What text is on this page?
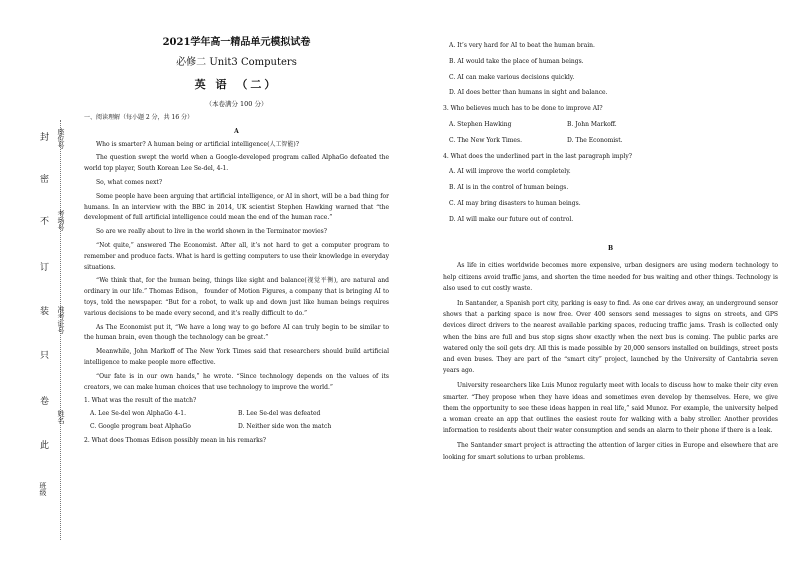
封
密
不
订
装
只
卷
此
座位号
考场号
准考证号
姓名
班级
2021学年高一精品单元模拟试卷
必修二 Unit3 Computers
英 语 （二）
（本卷满分 100 分）
一、阅读理解（每小题 2 分，共 16 分）
A

Who is smarter? A human being or artificial intelligence(人工智能)?

The question swept the world when a Google-developed program called AlphaGo defeated the world top player, South Korean Lee Se-del, 4-1.

So, what comes next?

Some people have been arguing that artificial intelligence, or AI in short, will be a bad thing for humans. In an interview with the BBC in 2014, UK scientist Stephen Hawking warned that “the development of full artificial intelligence could mean the end of the human race.”

So are we really about to live in the world shown in the Terminator movies?

“Not quite,” answered The Economist. After all, it’s not hard to get a computer program to remember and produce facts. What is hard is getting computers to use their knowledge in everyday situations.

“We think that, for the human being, things like sight and balance(视觉平衡), are natural and ordinary in our life.” Thomas Edison， founder of Motion Figures, a company that is bringing AI to toys, told the newspaper. “But for a robot, to walk up and down just like human beings requires various decisions to be made every second, and it’s really difficult to do.”

As The Economist put it, “We have a long way to go before AI can truly begin to be similar to the human brain, even though the technology can be great.”

Meanwhile, John Markoff of The New York Times said that researchers should build artificial intelligence to make people more effective.

“Our fate is in our own hands,” he wrote. “Since technology depends on the values of its creators, we can make human choices that use technology to improve the world.”

1. What was the result of the match?
A. Lee Se-del won AlphaGo 4-1.	B. Lee Se-del was defeated
C. Google program beat AlphaGo	D. Neither side won the match
2. What does Thomas Edison possibly mean in his remarks?
A. It’s very hard for AI to beat the human brain.
B. AI would take the place of human beings.
C. AI can make various decisions quickly.
D. AI does better than humans in sight and balance.
3. Who believes much has to be done to improve AI?
A. Stephen Hawking	B. John Markoff.
C. The New York Times.	D. The Economist.
4. What does the underlined part in the last paragraph imply?
A. AI will improve the world completely.
B. AI is in the control of human beings.
C. AI may bring disasters to human beings.
D. AI will make our future out of control.
B

As life in cities worldwide becomes more expensive, urban designers are using modern technology to help citizens avoid traffic jams, and shorten the time needed for bus waiting and other things. Technology is also used to cut costly waste.

In Santander, a Spanish port city, parking is easy to find. As one car drives away, an underground sensor shows that a parking space is now free. Over 400 sensors send messages to signs on streets, and GPS devices direct drivers to the nearest available parking spaces, reducing traffic jams. Trash is collected only when the bins are full and bus stop signs show exactly when the next bus is coming. The public parks are watered only the soil gets dry. All this is made possible by 20,000 sensors installed on buildings, street posts and even buses. They are part of the “smart city” project, launched by the University of Cantabria seven years ago.

University researchers like Luis Munoz regularly meet with locals to discuss how to make their city even smarter. “They propose when they have ideas and sometimes even develop by themselves. Here, we give them the opportunity to see these ideas happen in real life,” said Munoz. For example, the university helped a woman create an app that outlines the easiest route for walking with a baby stroller. Another provides information to residents about their water consumption and sends an alarm to their phone if there is a leak.

The Santander smart project is attracting the attention of larger cities in Europe and elsewhere that are looking for smart solutions to urban problems.
